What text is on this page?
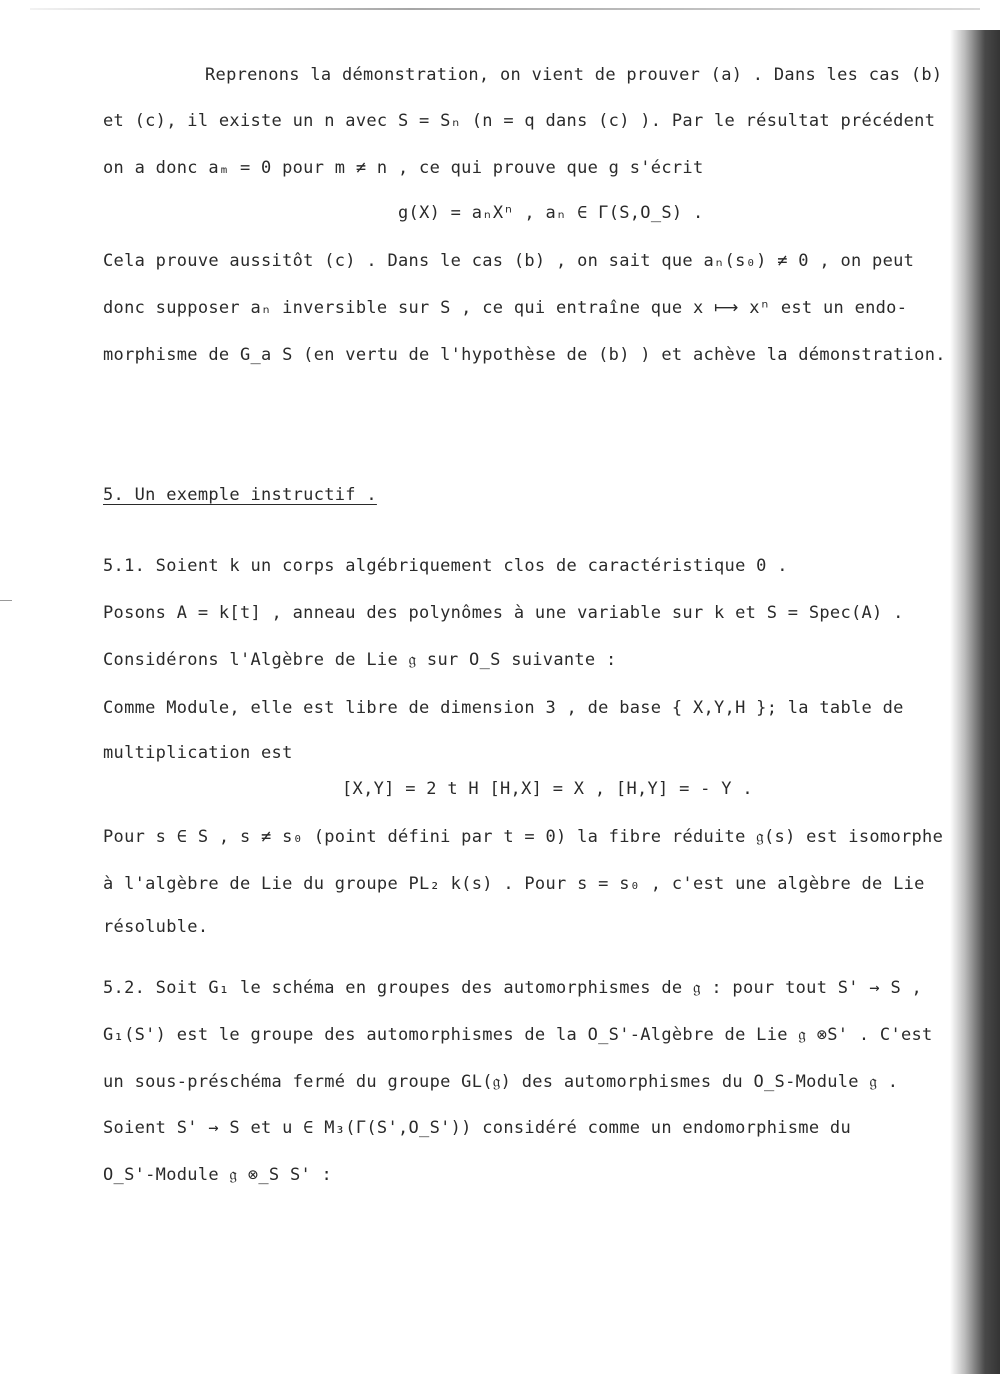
Reprenons la démonstration, on vient de prouver (a) . Dans les cas (b)
et (c), il existe un n avec S = Sₙ (n = q dans (c) ). Par le résultat précédent
on a donc aₘ = 0 pour m ≠ n , ce qui prouve que g s'écrit
g(X) = aₙXⁿ , aₙ ∈ Γ(S,O_S) .
Cela prouve aussitôt (c) . Dans le cas (b) , on sait que aₙ(s₀) ≠ 0 , on peut
donc supposer aₙ inversible sur S , ce qui entraîne que x ⟼ xⁿ est un endo-
morphisme de G_a S (en vertu de l'hypothèse de (b) ) et achève la démonstration.
5. Un exemple instructif .
5.1. Soient k un corps algébriquement clos de caractéristique 0 .
Posons A = k[t] , anneau des polynômes à une variable sur k et S = Spec(A) .
Considérons l'Algèbre de Lie 𝔤 sur O_S suivante :
Comme Module, elle est libre de dimension 3 , de base { X,Y,H }; la table de
multiplication est
[X,Y] = 2 t H [H,X] = X , [H,Y] = - Y .
Pour s ∈ S , s ≠ s₀ (point défini par t = 0) la fibre réduite 𝔤(s) est isomorphe
à l'algèbre de Lie du groupe PL₂ k(s) . Pour s = s₀ , c'est une algèbre de Lie
résoluble.
5.2. Soit G₁ le schéma en groupes des automorphismes de 𝔤 : pour tout S' → S ,
G₁(S') est le groupe des automorphismes de la O_S'-Algèbre de Lie 𝔤 ⊗S' . C'est
un sous-préschéma fermé du groupe GL(𝔤) des automorphismes du O_S-Module 𝔤 .
Soient S' → S et u ∈ M₃(Γ(S',O_S')) considéré comme un endomorphisme du
O_S'-Module 𝔤 ⊗_S S' :
